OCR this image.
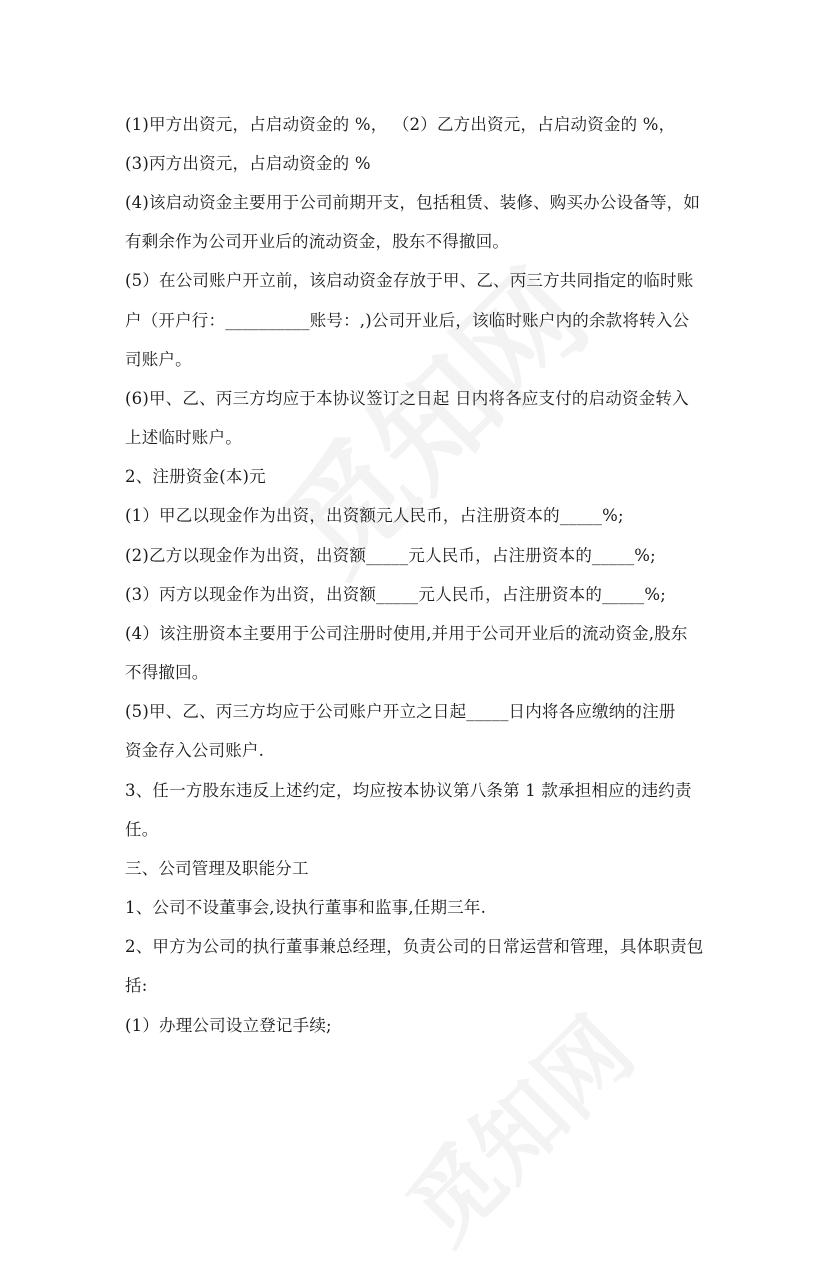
(1)甲方出资元，占启动资金的 %， （2）乙方出资元，占启动资金的 %，
(3)丙方出资元，占启动资金的 %
(4)该启动资金主要用于公司前期开支，包括租赁、装修、购买办公设备等，如
有剩余作为公司开业后的流动资金，股东不得撤回。
(5）在公司账户开立前，该启动资金存放于甲、乙、丙三方共同指定的临时账
户（开户行：__________账号：,)公司开业后，该临时账户内的余款将转入公
司账户。
(6)甲、乙、丙三方均应于本协议签订之日起 日内将各应支付的启动资金转入
上述临时账户。
2、注册资金(本)元
(1）甲乙以现金作为出资，出资额元人民币，占注册资本的_____%;
(2)乙方以现金作为出资，出资额_____元人民币，占注册资本的_____%;
(3）丙方以现金作为出资，出资额_____元人民币，占注册资本的_____%;
(4）该注册资本主要用于公司注册时使用,并用于公司开业后的流动资金,股东
不得撤回。
(5)甲、乙、丙三方均应于公司账户开立之日起_____日内将各应缴纳的注册
资金存入公司账户.
3、任一方股东违反上述约定，均应按本协议第八条第 1 款承担相应的违约责
任。
三、公司管理及职能分工
1、公司不设董事会,设执行董事和监事,任期三年.
2、甲方为公司的执行董事兼总经理，负责公司的日常运营和管理，具体职责包
括:
(1）办理公司设立登记手续;
